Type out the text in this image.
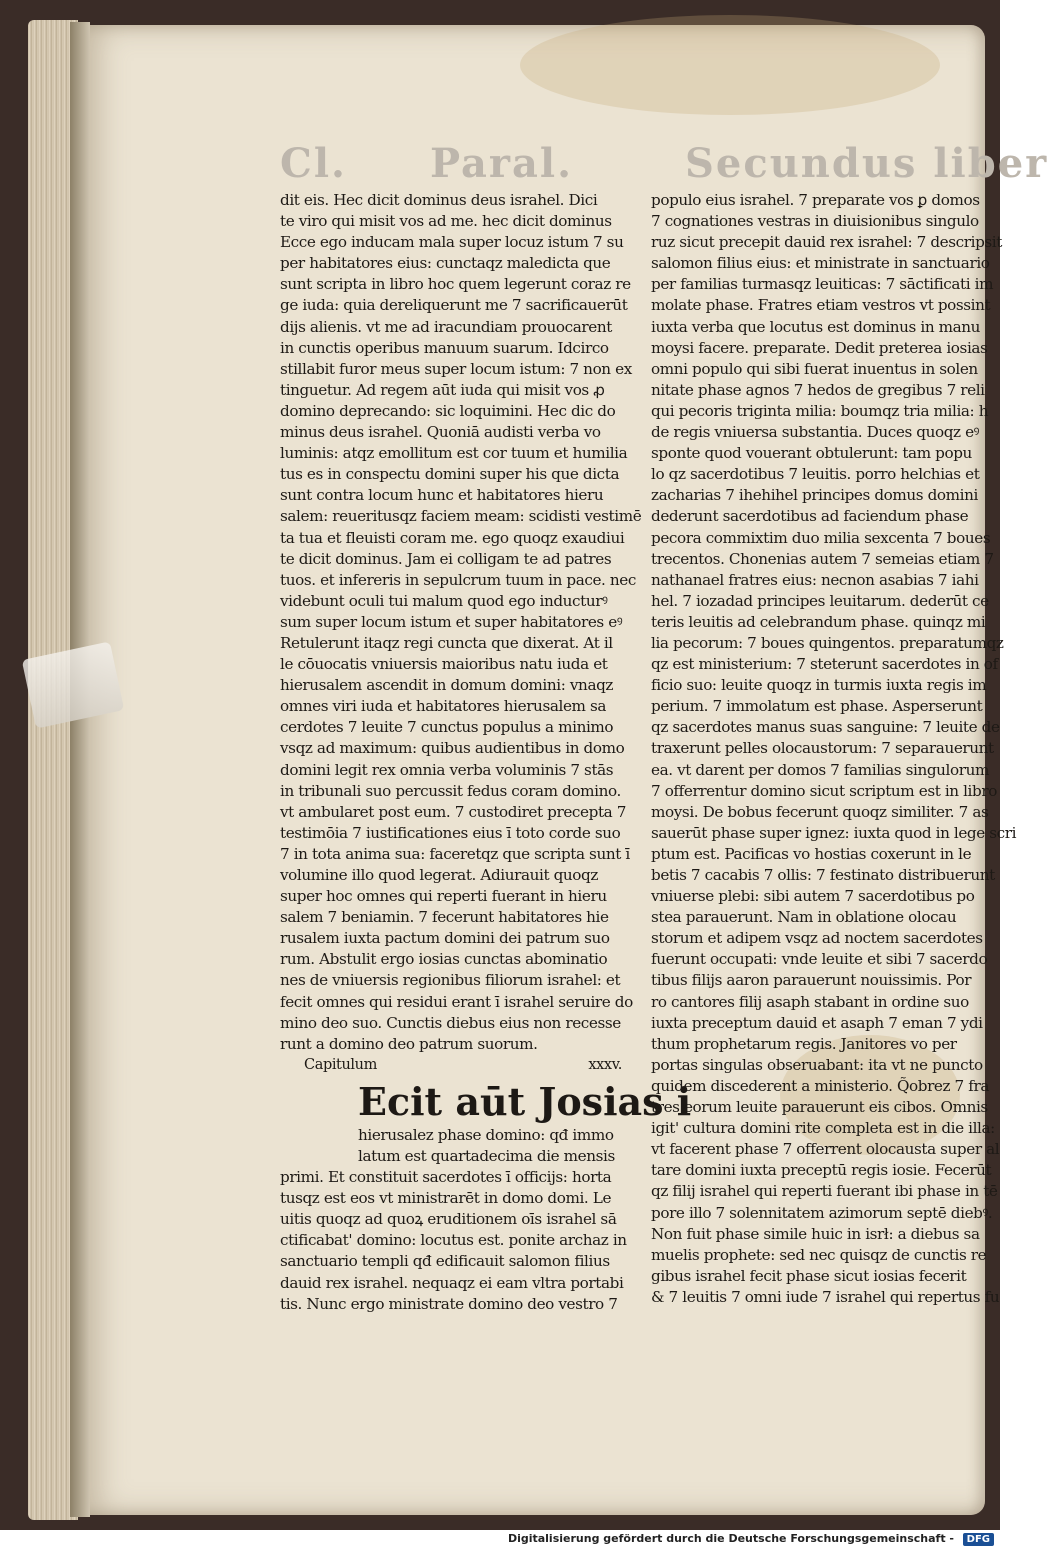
Cl. Paral.	Secundus liber
dit eis. Hec dicit dominus deus israhel. Dici
te viro qui misit vos ad me. hec dicit dominus
Ecce ego inducam mala super locuz istum 7 su
per habitatores eius: cunctaqz maledicta que
sunt scripta in libro hoc quem legerunt coraz re
ge iuda: quia dereliquerunt me 7 sacrificauerūt
dijs alienis. vt me ad iracundiam prouocarent
in cunctis operibus manuum suarum. Idcirco
stillabit furor meus super locum istum: 7 non ex
tinguetur. Ad regem aūt iuda qui misit vos ꝓ
domino deprecando: sic loquimini. Hec dic do
minus deus israhel. Quoniā audisti verba vo
luminis: atqz emollitum est cor tuum et humilia
tus es in conspectu domini super his que dicta
sunt contra locum hunc et habitatores hieru
salem: reueritusqz faciem meam: scidisti vestimē
ta tua et fleuisti coram me. ego quoqz exaudiui
te dicit dominus. Jam ei colligam te ad patres
tuos. et infereris in sepulcrum tuum in pace. nec
videbunt oculi tui malum quod ego inducturꝰ
sum super locum istum et super habitatores eꝰ
Retulerunt itaqz regi cuncta que dixerat. At il
le cōuocatis vniuersis maioribus natu iuda et
hierusalem ascendit in domum domini: vnaqz
omnes viri iuda et habitatores hierusalem sa
cerdotes 7 leuite 7 cunctus populus a minimo
vsqz ad maximum: quibus audientibus in domo
domini legit rex omnia verba voluminis 7 stās
in tribunali suo percussit fedus coram domino.
vt ambularet post eum. 7 custodiret precepta 7
testimōia 7 iustificationes eius ī toto corde suo
7 in tota anima sua: faceretqz que scripta sunt ī
volumine illo quod legerat. Adiurauit quoqz
super hoc omnes qui reperti fuerant in hieru
salem 7 beniamin. 7 fecerunt habitatores hie
rusalem iuxta pactum domini dei patrum suo
rum. Abstulit ergo iosias cunctas abominatio
nes de vniuersis regionibus filiorum israhel: et
fecit omnes qui residui erant ī israhel seruire do
mino deo suo. Cunctis diebus eius non recesse
runt a domino deo patrum suorum.
Capitulum	xxxv.
Ecit aūt Josias i
hierusalez phase domino: qđ immo
latum est quartadecima die mensis
primi. Et constituit sacerdotes ī officijs: horta
tusqz est eos vt ministrarēt in domo domi. Le
uitis quoqz ad quoꝝ eruditionem oīs israhel sā
ctificabat' domino: locutus est. ponite archaz in
sanctuario templi qđ edificauit salomon filius
dauid rex israhel. nequaqz ei eam vltra portabi
tis. Nunc ergo ministrate domino deo vestro 7
populo eius israhel. 7 preparate vos ꝑ domos
7 cognationes vestras in diuisionibus singulo
ruz sicut precepit dauid rex israhel: 7 descripsit
salomon filius eius: et ministrate in sanctuario
per familias turmasqz leuiticas: 7 sāctificati im
molate phase. Fratres etiam vestros vt possint
iuxta verba que locutus est dominus in manu
moysi facere. preparate. Dedit preterea iosias
omni populo qui sibi fuerat inuentus in solen
nitate phase agnos 7 hedos de gregibus 7 reli
qui pecoris triginta milia: boumqz tria milia: h
de regis vniuersa substantia. Duces quoqz eꝰ
sponte quod vouerant obtulerunt: tam popu
lo qz sacerdotibus 7 leuitis. porro helchias et
zacharias 7 ihehihel principes domus domini
dederunt sacerdotibus ad faciendum phase
pecora commixtim duo milia sexcenta 7 boues
trecentos. Chonenias autem 7 semeias etiam 7
nathanael fratres eius: necnon asabias 7 iahi
hel. 7 iozadad principes leuitarum. dederūt ce
teris leuitis ad celebrandum phase. quinqz mi
lia pecorum: 7 boues quingentos. preparatumqz
qz est ministerium: 7 steterunt sacerdotes in of
ficio suo: leuite quoqz in turmis iuxta regis im
perium. 7 immolatum est phase. Asperserunt
qz sacerdotes manus suas sanguine: 7 leuite de
traxerunt pelles olocaustorum: 7 separauerunt
ea. vt darent per domos 7 familias singulorum
7 offerrentur domino sicut scriptum est in libro
moysi. De bobus fecerunt quoqz similiter. 7 as
sauerūt phase super ignez: iuxta quod in lege scri
ptum est. Pacificas vo hostias coxerunt in le
betis 7 cacabis 7 ollis: 7 festinato distribuerunt
vniuerse plebi: sibi autem 7 sacerdotibus po
stea parauerunt. Nam in oblatione olocau
storum et adipem vsqz ad noctem sacerdotes
fuerunt occupati: vnde leuite et sibi 7 sacerdo
tibus filijs aaron parauerunt nouissimis. Por
ro cantores filij asaph stabant in ordine suo
iuxta preceptum dauid et asaph 7 eman 7 ydi
thum prophetarum regis. Janitores vo per
portas singulas obseruabant: ita vt ne puncto
quidem discederent a ministerio. Q̃obrez 7 fra
tres eorum leuite parauerunt eis cibos. Omnis
igit' cultura domini rite completa est in die illa:
vt facerent phase 7 offerrent olocausta super al
tare domini iuxta preceptū regis iosie. Fecerūt
qz filij israhel qui reperti fuerant ibi phase in tē
pore illo 7 solennitatem azimorum septē diebꝰ.
Non fuit phase simile huic in isrł: a diebus sa
muelis prophete: sed nec quisqz de cunctis re
gibus israhel fecit phase sicut iosias fecerit
& 7 leuitis 7 omni iude 7 israhel qui repertus fu
Digitalisierung gefördert durch die Deutsche Forschungsgemeinschaft -	DFG
